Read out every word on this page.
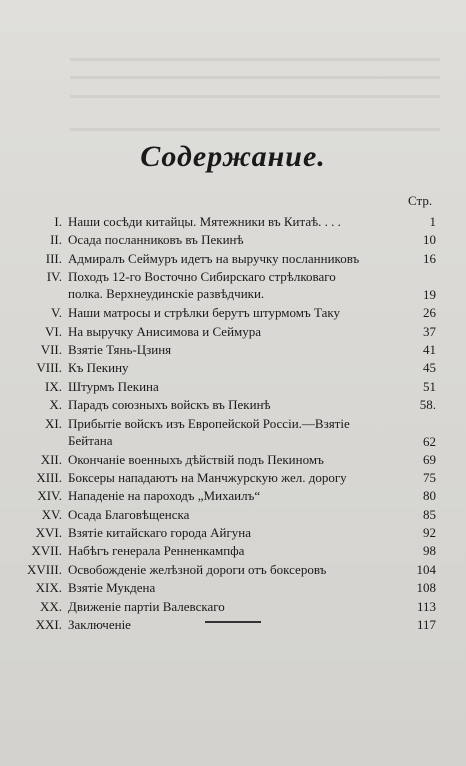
Содержание.
Стр.
I. Наши сосѣди китайцы. Мятежники въ Китаѣ. . . .	1
II. Осада посланниковъ въ Пекинѣ	10
III. Адмиралъ Сеймуръ идетъ на выручку посланниковъ	16
IV. Походъ 12-го Восточно Сибирскаго стрѣлковаго полка. Верхнеудинскіе развѣдчики.	19
V. Наши матросы и стрѣлки берутъ штурмомъ Таку	26
VI. На выручку Анисимова и Сеймура	37
VII. Взятіе Тянь-Цзиня	41
VIII. Къ Пекину	45
IX. Штурмъ Пекина	51
X. Парадъ союзныхъ войскъ въ Пекинѣ	58.
XI. Прибытіе войскъ изъ Европейской Россіи.—Взятіе Бейтана	62
XII. Окончаніе военныхъ дѣйствій подъ Пекиномъ	69
XIII. Боксеры нападаютъ на Манчжурскую жел. дорогу	75
XIV. Нападеніе на пароходъ „Михаилъ“	80
XV. Осада Благовѣщенска	85
XVI. Взятіе китайскаго города Айгуна	92
XVII. Набѣгъ генерала Ренненкампфа	98
XVIII. Освобожденіе желѣзной дороги отъ боксеровъ	104
XIX. Взятіе Мукдена	108
XX. Движеніе партіи Валевскаго	113
XXI. Заключеніе	117
